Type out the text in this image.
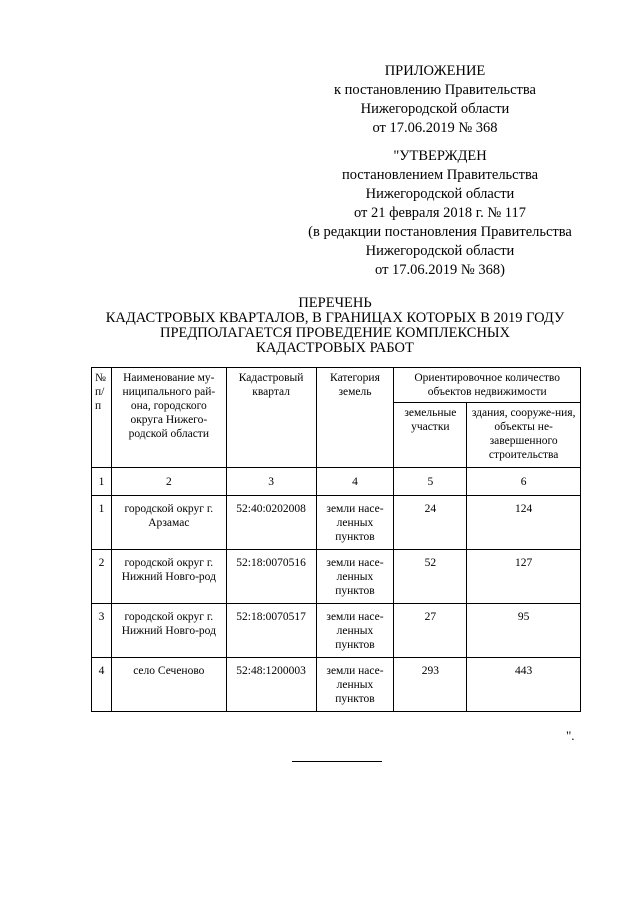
ПРИЛОЖЕНИЕ
к постановлению Правительства
Нижегородской области
от 17.06.2019 № 368
"УТВЕРЖДЕН
постановлением Правительства
Нижегородской области
от 21 февраля 2018 г. № 117
(в редакции постановления Правительства
Нижегородской области
от 17.06.2019 № 368)
ПЕРЕЧЕНЬ
КАДАСТРОВЫХ КВАРТАЛОВ, В ГРАНИЦАХ КОТОРЫХ В 2019 ГОДУ
ПРЕДПОЛАГАЕТСЯ ПРОВЕДЕНИЕ КОМПЛЕКСНЫХ
КАДАСТРОВЫХ РАБОТ
№ п/ п	Наименование му-ниципального рай-она, городского округа Нижего-родской области	Кадастровый квартал	Категория земель	Ориентировочное количество объектов недвижимости	
				земельные участки	здания, сооруже-ния, объекты не-завершенного строительства
1	2	3	4	5	6
1	городской округ г. Арзамас	52:40:0202008	земли насе-ленных пунктов	24	124
2	городской округ г. Нижний Новго-род	52:18:0070516	земли насе-ленных пунктов	52	127
3	городской округ г. Нижний Новго-род	52:18:0070517	земли насе-ленных пунктов	27	95
4	село Сеченово	52:48:1200003	земли насе-ленных пунктов	293	443
".
